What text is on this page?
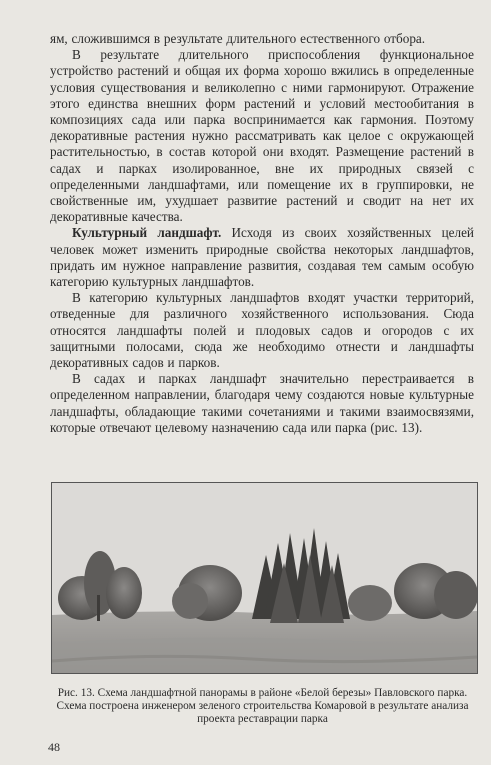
ям, сложившимся в результате длительного естественного отбора.

В результате длительного приспособления функциональное устройство растений и общая их форма хорошо вжились в определенные условия существования и великолепно с ними гармонируют. Отражение этого единства внешних форм растений и условий местообитания в композициях сада или парка воспринимается как гармония. Поэтому декоративные растения нужно рассматривать как целое с окружающей растительностью, в состав которой они входят. Размещение растений в садах и парках изолированное, вне их природных связей с определенными ландшафтами, или помещение их в группировки, не свойственные им, ухудшает развитие растений и сводит на нет их декоративные качества.

Культурный ландшафт. Исходя из своих хозяйственных целей человек может изменить природные свойства некоторых ландшафтов, придать им нужное направление развития, создавая тем самым особую категорию культурных ландшафтов.

В категорию культурных ландшафтов входят участки территорий, отведенные для различного хозяйственного использования. Сюда относятся ландшафты полей и плодовых садов и огородов с их защитными полосами, сюда же необходимо отнести и ландшафты декоративных садов и парков.

В садах и парках ландшафт значительно перестраивается в определенном направлении, благодаря чему создаются новые культурные ландшафты, обладающие такими сочетаниями и такими взаимосвязями, которые отвечают целевому назначению сада или парка (рис. 13).

Рис. 13. Схема ландшафтной панорамы в районе «Белой березы» Павловского парка. Схема построена инженером зеленого строительства Комаровой в результате анализа проекта реставрации парка
48
